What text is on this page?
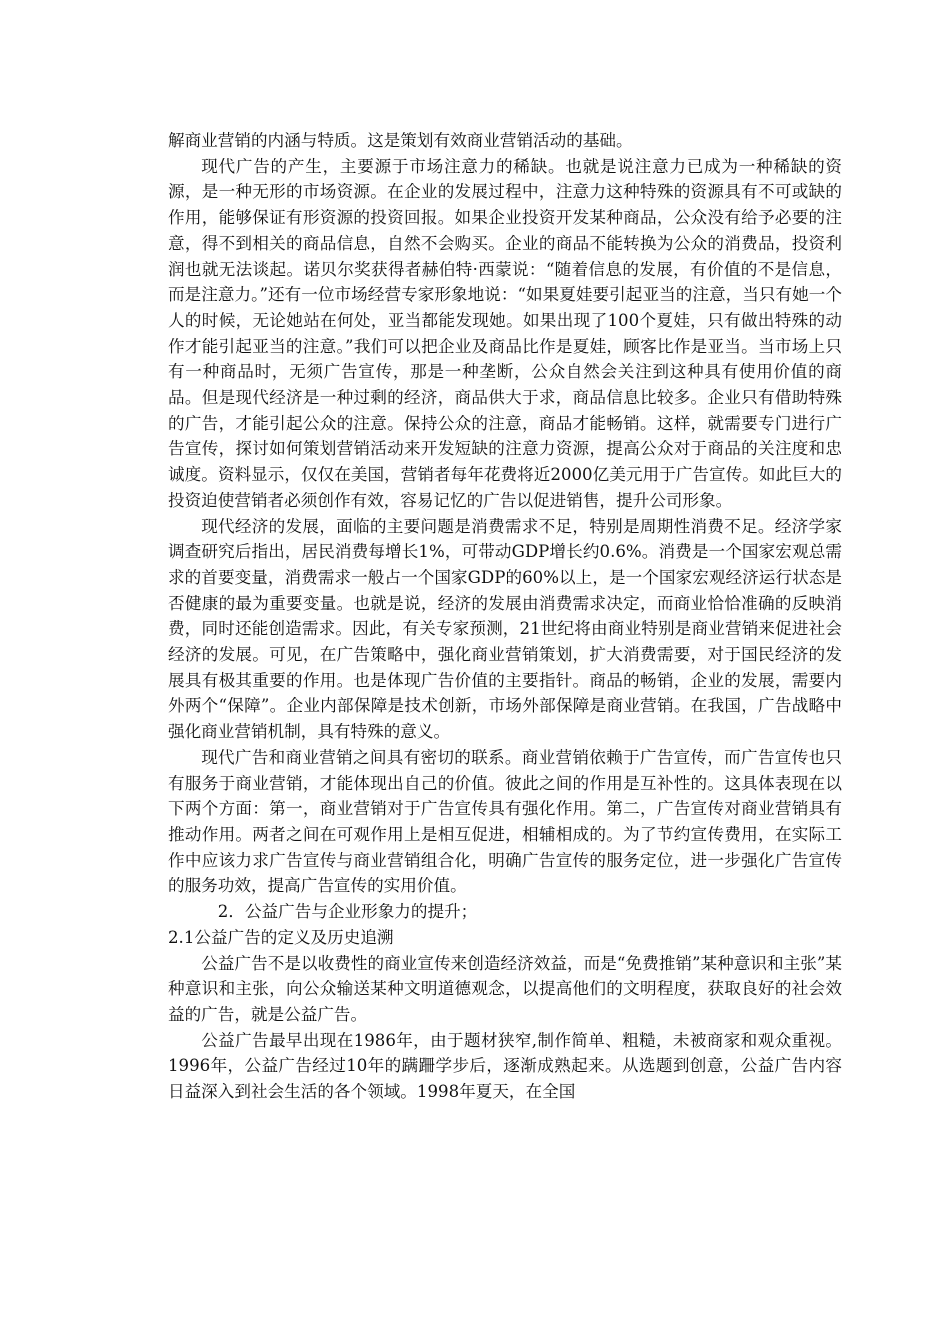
解商业营销的内涵与特质。这是策划有效商业营销活动的基础。

现代广告的产生，主要源于市场注意力的稀缺。也就是说注意力已成为一种稀缺的资源，是一种无形的市场资源。在企业的发展过程中，注意力这种特殊的资源具有不可或缺的作用，能够保证有形资源的投资回报。如果企业投资开发某种商品，公众没有给予必要的注意，得不到相关的商品信息，自然不会购买。企业的商品不能转换为公众的消费品，投资利润也就无法谈起。诺贝尔奖获得者赫伯特·西蒙说：“随着信息的发展，有价值的不是信息，而是注意力。”还有一位市场经营专家形象地说：“如果夏娃要引起亚当的注意，当只有她一个人的时候，无论她站在何处，亚当都能发现她。如果出现了100个夏娃，只有做出特殊的动作才能引起亚当的注意。”我们可以把企业及商品比作是夏娃，顾客比作是亚当。当市场上只有一种商品时，无须广告宣传，那是一种垄断，公众自然会关注到这种具有使用价值的商品。但是现代经济是一种过剩的经济，商品供大于求，商品信息比较多。企业只有借助特殊的广告，才能引起公众的注意。保持公众的注意，商品才能畅销。这样，就需要专门进行广告宣传，探讨如何策划营销活动来开发短缺的注意力资源，提高公众对于商品的关注度和忠诚度。资料显示，仅仅在美国，营销者每年花费将近2000亿美元用于广告宣传。如此巨大的投资迫使营销者必须创作有效，容易记忆的广告以促进销售，提升公司形象。

现代经济的发展，面临的主要问题是消费需求不足，特别是周期性消费不足。经济学家调查研究后指出，居民消费每增长1%，可带动GDP增长约0.6%。消费是一个国家宏观总需求的首要变量，消费需求一般占一个国家GDP的60%以上，是一个国家宏观经济运行状态是否健康的最为重要变量。也就是说，经济的发展由消费需求决定，而商业恰恰准确的反映消费，同时还能创造需求。因此，有关专家预测，21世纪将由商业特别是商业营销来促进社会经济的发展。可见，在广告策略中，强化商业营销策划，扩大消费需要，对于国民经济的发展具有极其重要的作用。也是体现广告价值的主要指针。商品的畅销，企业的发展，需要内外两个“保障”。企业内部保障是技术创新，市场外部保障是商业营销。在我国，广告战略中强化商业营销机制，具有特殊的意义。

现代广告和商业营销之间具有密切的联系。商业营销依赖于广告宣传，而广告宣传也只有服务于商业营销，才能体现出自己的价值。彼此之间的作用是互补性的。这具体表现在以下两个方面：第一，商业营销对于广告宣传具有强化作用。第二，广告宣传对商业营销具有推动作用。两者之间在可观作用上是相互促进，相辅相成的。为了节约宣传费用，在实际工作中应该力求广告宣传与商业营销组合化，明确广告宣传的服务定位，进一步强化广告宣传的服务功效，提高广告宣传的实用价值。

2．公益广告与企业形象力的提升；

2.1公益广告的定义及历史追溯

公益广告不是以收费性的商业宣传来创造经济效益，而是“免费推销”某种意识和主张”某种意识和主张，向公众输送某种文明道德观念，以提高他们的文明程度，获取良好的社会效益的广告，就是公益广告。

公益广告最早出现在1986年，由于题材狭窄,制作简单、粗糙，未被商家和观众重视。1996年，公益广告经过10年的蹒跚学步后，逐渐成熟起来。从选题到创意，公益广告内容日益深入到社会生活的各个领域。1998年夏天，在全国
